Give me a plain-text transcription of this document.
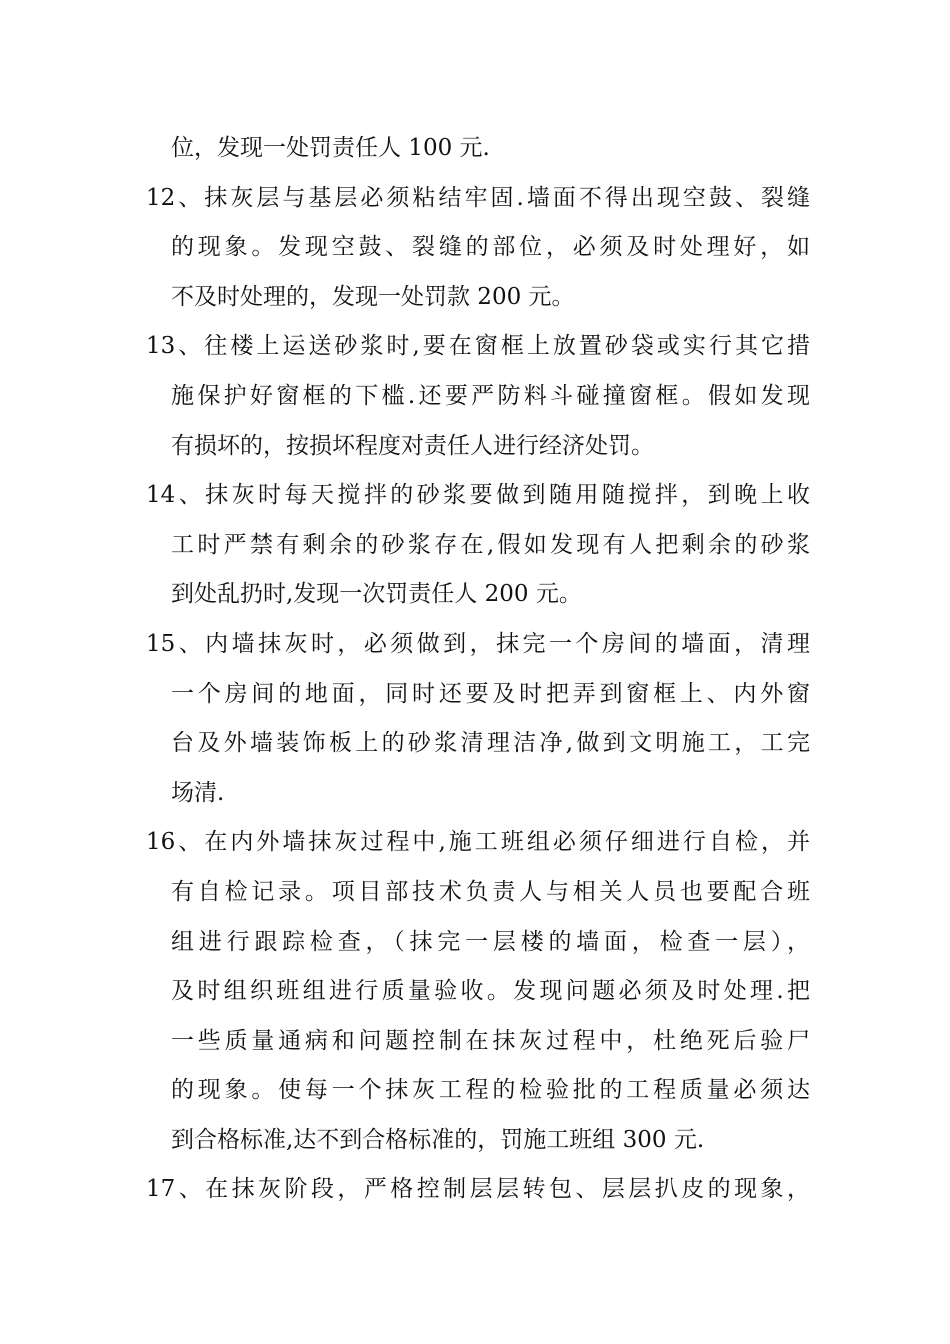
位，发现一处罚责任人 100 元.
12、抹灰层与基层必须粘结牢固.墙面不得出现空鼓、裂缝
的现象。发现空鼓、裂缝的部位，必须及时处理好，如
不及时处理的，发现一处罚款 200 元。
13、往楼上运送砂浆时,要在窗框上放置砂袋或实行其它措
施保护好窗框的下槛.还要严防料斗碰撞窗框。假如发现
有损坏的，按损坏程度对责任人进行经济处罚。
14、抹灰时每天搅拌的砂浆要做到随用随搅拌，到晚上收
工时严禁有剩余的砂浆存在,假如发现有人把剩余的砂浆
到处乱扔时,发现一次罚责任人 200 元。
15、内墙抹灰时，必须做到，抹完一个房间的墙面，清理
一个房间的地面，同时还要及时把弄到窗框上、内外窗
台及外墙装饰板上的砂浆清理洁净,做到文明施工，工完
场清.
16、在内外墙抹灰过程中,施工班组必须仔细进行自检，并
有自检记录。项目部技术负责人与相关人员也要配合班
组进行跟踪检查，（抹完一层楼的墙面，检查一层），
及时组织班组进行质量验收。发现问题必须及时处理.把
一些质量通病和问题控制在抹灰过程中，杜绝死后验尸
的现象。使每一个抹灰工程的检验批的工程质量必须达
到合格标准,达不到合格标准的，罚施工班组 300 元.
17、在抹灰阶段，严格控制层层转包、层层扒皮的现象，
